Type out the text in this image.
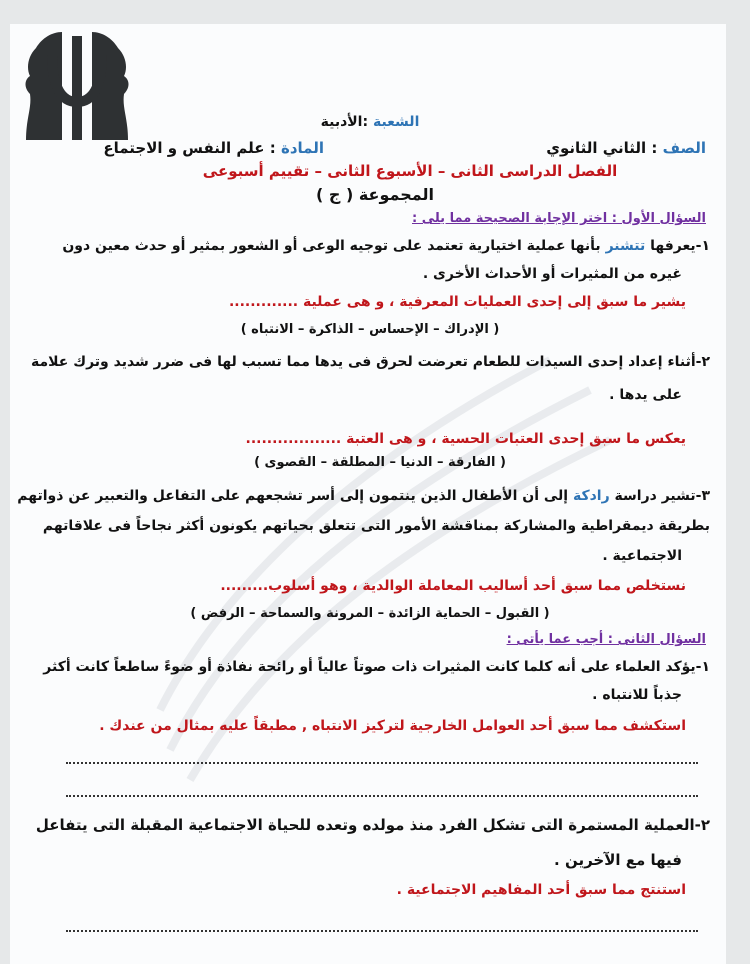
الشعبة :الأدبية
الصف : الثاني الثانوي
المادة : علم النفس و الاجتماع
الفصل الدراسى الثانى – الأسبوع الثانى – تقييم أسبوعى
المجموعة ( ج )
السؤال الأول : اختر الإجابة الصحيحة مما يلى :
١-يعرفها تتشنر بأنها عملية اختيارية تعتمد على توجيه الوعى أو الشعور بمثير أو حدث معين دون
غيره من المثيرات أو الأحداث الأخرى .
يشير ما سبق إلى إحدى العمليات المعرفية ، و هى عملية .............
( الإدراك – الإحساس – الذاكرة – الانتباه )
٢-أثناء إعداد إحدى السيدات للطعام تعرضت لحرق فى يدها مما تسبب لها فى ضرر شديد وترك علامة
على يدها .
يعكس ما سبق إحدى العتبات الحسية ، و هى العتبة ..................
( الفارقة – الدنيا – المطلقة – القصوى )
٣-تشير دراسة رادكة إلى أن الأطفال الذين ينتمون إلى أسر تشجعهم على التفاعل والتعبير عن ذواتهم
بطريقة ديمقراطية والمشاركة بمناقشة الأمور التى تتعلق بحياتهم يكونون أكثر نجاحاً فى علاقاتهم
الاجتماعية .
نستخلص مما سبق أحد أساليب المعاملة الوالدية ، وهو أسلوب.........
( القبول – الحماية الزائدة – المرونة والسماحة – الرفض )
السؤال الثانى : أجب عما يأتى :
١-يؤكد العلماء على أنه كلما كانت المثيرات ذات صوتاً عالياً أو رائحة نفاذة أو ضوءً ساطعاً كانت أكثر
جذباً للانتباه .
استكشف مما سبق أحد العوامل الخارجية لتركيز الانتباه , مطبقاً عليه بمثال من عندك .
٢-العملية المستمرة التى تشكل الفرد منذ مولده وتعده للحياة الاجتماعية المقبلة التى يتفاعل
فيها مع الآخرين .
استنتج مما سبق أحد المفاهيم الاجتماعية .
